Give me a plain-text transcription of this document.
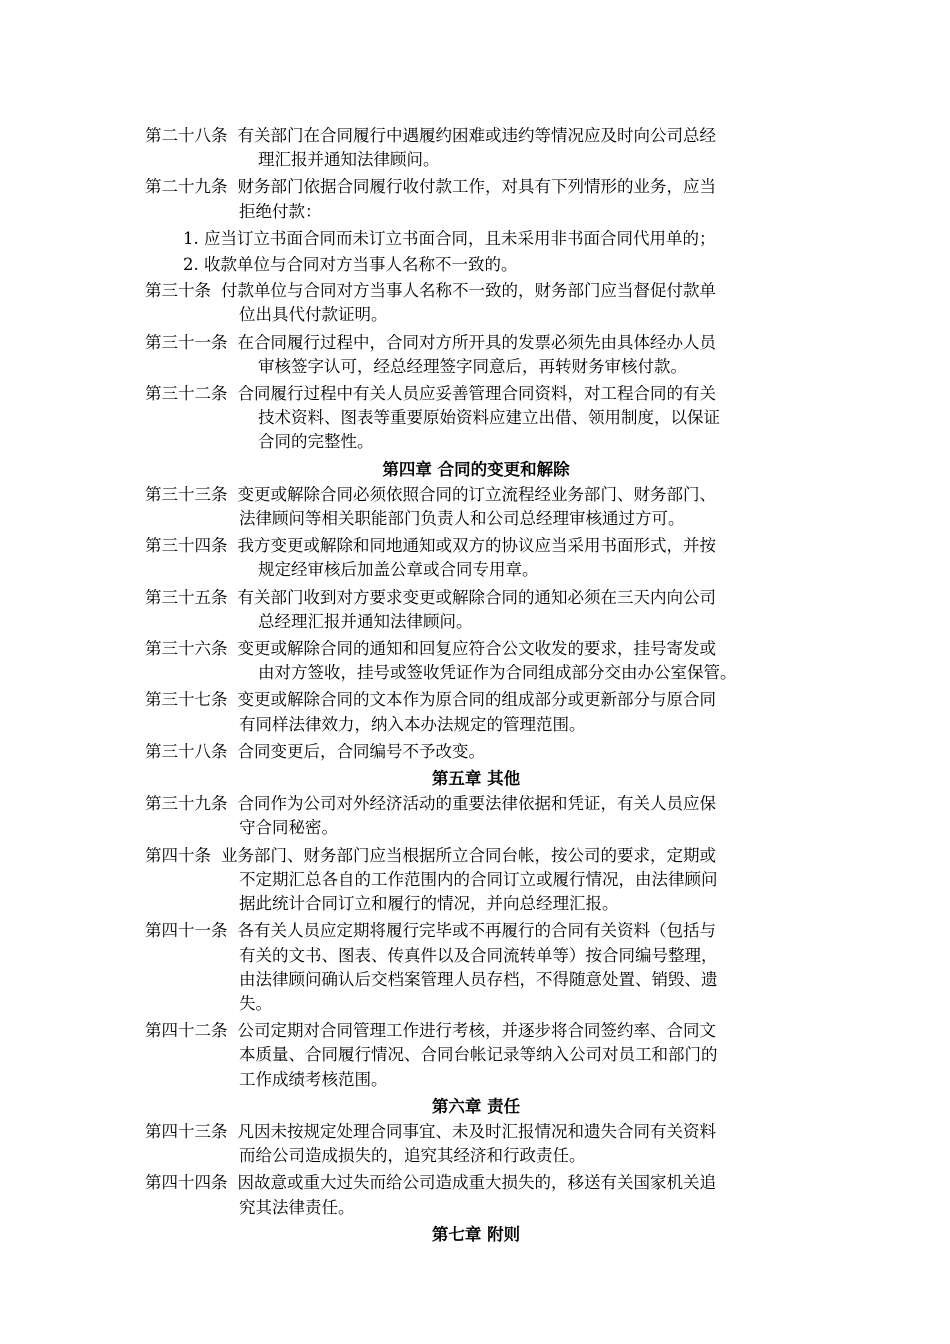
第二十八条 有关部门在合同履行中遇履约困难或违约等情况应及时向公司总经
理汇报并通知法律顾问。
第二十九条 财务部门依据合同履行收付款工作，对具有下列情形的业务，应当
拒绝付款：
1. 应当订立书面合同而未订立书面合同，且未采用非书面合同代用单的；
2. 收款单位与合同对方当事人名称不一致的。
第三十条 付款单位与合同对方当事人名称不一致的，财务部门应当督促付款单
位出具代付款证明。
第三十一条 在合同履行过程中，合同对方所开具的发票必须先由具体经办人员
审核签字认可，经总经理签字同意后，再转财务审核付款。
第三十二条 合同履行过程中有关人员应妥善管理合同资料，对工程合同的有关
技术资料、图表等重要原始资料应建立出借、领用制度，以保证
合同的完整性。
第四章 合同的变更和解除
第三十三条 变更或解除合同必须依照合同的订立流程经业务部门、财务部门、
法律顾问等相关职能部门负责人和公司总经理审核通过方可。
第三十四条 我方变更或解除和同地通知或双方的协议应当采用书面形式，并按
规定经审核后加盖公章或合同专用章。
第三十五条 有关部门收到对方要求变更或解除合同的通知必须在三天内向公司
总经理汇报并通知法律顾问。
第三十六条 变更或解除合同的通知和回复应符合公文收发的要求，挂号寄发或
由对方签收，挂号或签收凭证作为合同组成部分交由办公室保管。
第三十七条 变更或解除合同的文本作为原合同的组成部分或更新部分与原合同
有同样法律效力，纳入本办法规定的管理范围。
第三十八条 合同变更后，合同编号不予改变。
第五章 其他
第三十九条 合同作为公司对外经济活动的重要法律依据和凭证，有关人员应保
守合同秘密。
第四十条 业务部门、财务部门应当根据所立合同台帐，按公司的要求，定期或
不定期汇总各自的工作范围内的合同订立或履行情况，由法律顾问
据此统计合同订立和履行的情况，并向总经理汇报。
第四十一条 各有关人员应定期将履行完毕或不再履行的合同有关资料（包括与
有关的文书、图表、传真件以及合同流转单等）按合同编号整理，
由法律顾问确认后交档案管理人员存档，不得随意处置、销毁、遗
失。
第四十二条 公司定期对合同管理工作进行考核，并逐步将合同签约率、合同文
本质量、合同履行情况、合同台帐记录等纳入公司对员工和部门的
工作成绩考核范围。
第六章 责任
第四十三条 凡因未按规定处理合同事宜、未及时汇报情况和遗失合同有关资料
而给公司造成损失的，追究其经济和行政责任。
第四十四条 因故意或重大过失而给公司造成重大损失的，移送有关国家机关追
究其法律责任。
第七章 附则
